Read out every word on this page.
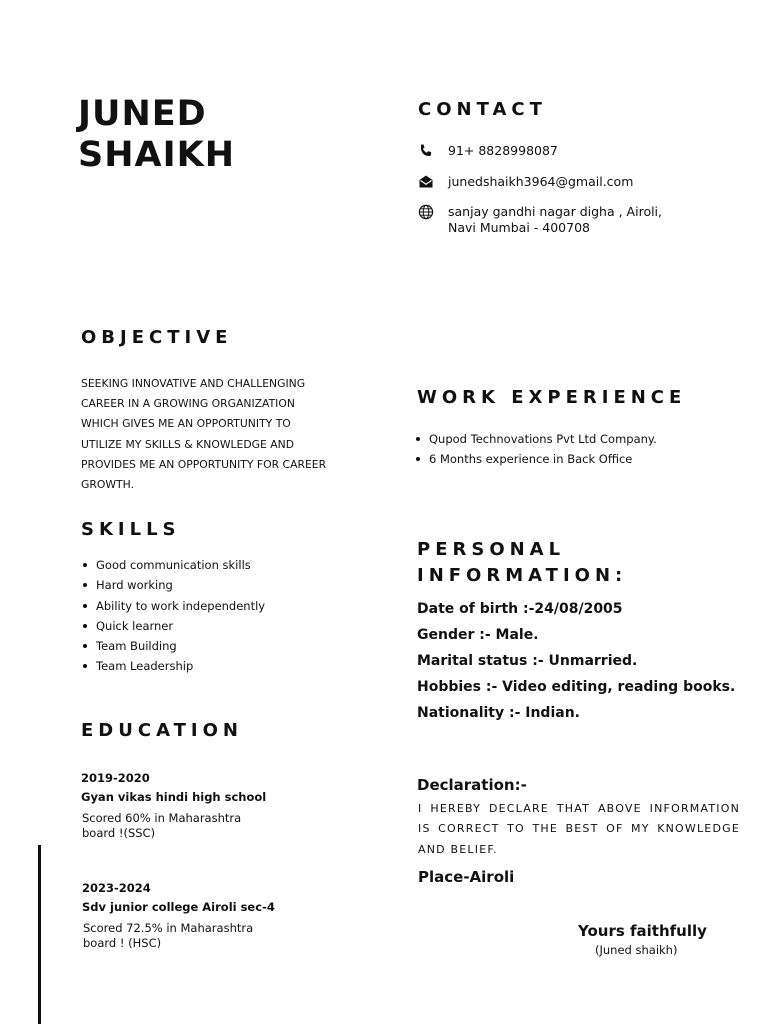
JUNED
SHAIKH
CONTACT
91+ 8828998087
junedshaikh3964@gmail.com
sanjay gandhi nagar digha , Airoli,
Navi Mumbai - 400708
OBJECTIVE
SEEKING INNOVATIVE AND CHALLENGING
CAREER IN A GROWING ORGANIZATION
WHICH GIVES ME AN OPPORTUNITY TO
UTILIZE MY SKILLS & KNOWLEDGE AND
PROVIDES ME AN OPPORTUNITY FOR CAREER
GROWTH.
SKILLS
Good communication skills
Hard working
Ability to work independently
Quick learner
Team Building
Team Leadership
EDUCATION
2019-2020
Gyan vikas hindi high school
Scored 60% in Maharashtra
board !(SSC)
2023-2024
Sdv junior college Airoli sec-4
Scored 72.5% in Maharashtra
board ! (HSC)
WORK EXPERIENCE
Qupod Technovations Pvt Ltd Company.
6 Months experience in Back Office
PERSONAL
INFORMATION:
Date of birth :-24/08/2005
Gender :- Male.
Marital status :- Unmarried.
Hobbies :- Video editing, reading books.
Nationality :- Indian.
Declaration:-
I HEREBY DECLARE THAT ABOVE INFORMATION IS CORRECT TO THE BEST OF MY KNOWLEDGE AND BELIEF.
Place-Airoli
Yours faithfully
(Juned shaikh)
